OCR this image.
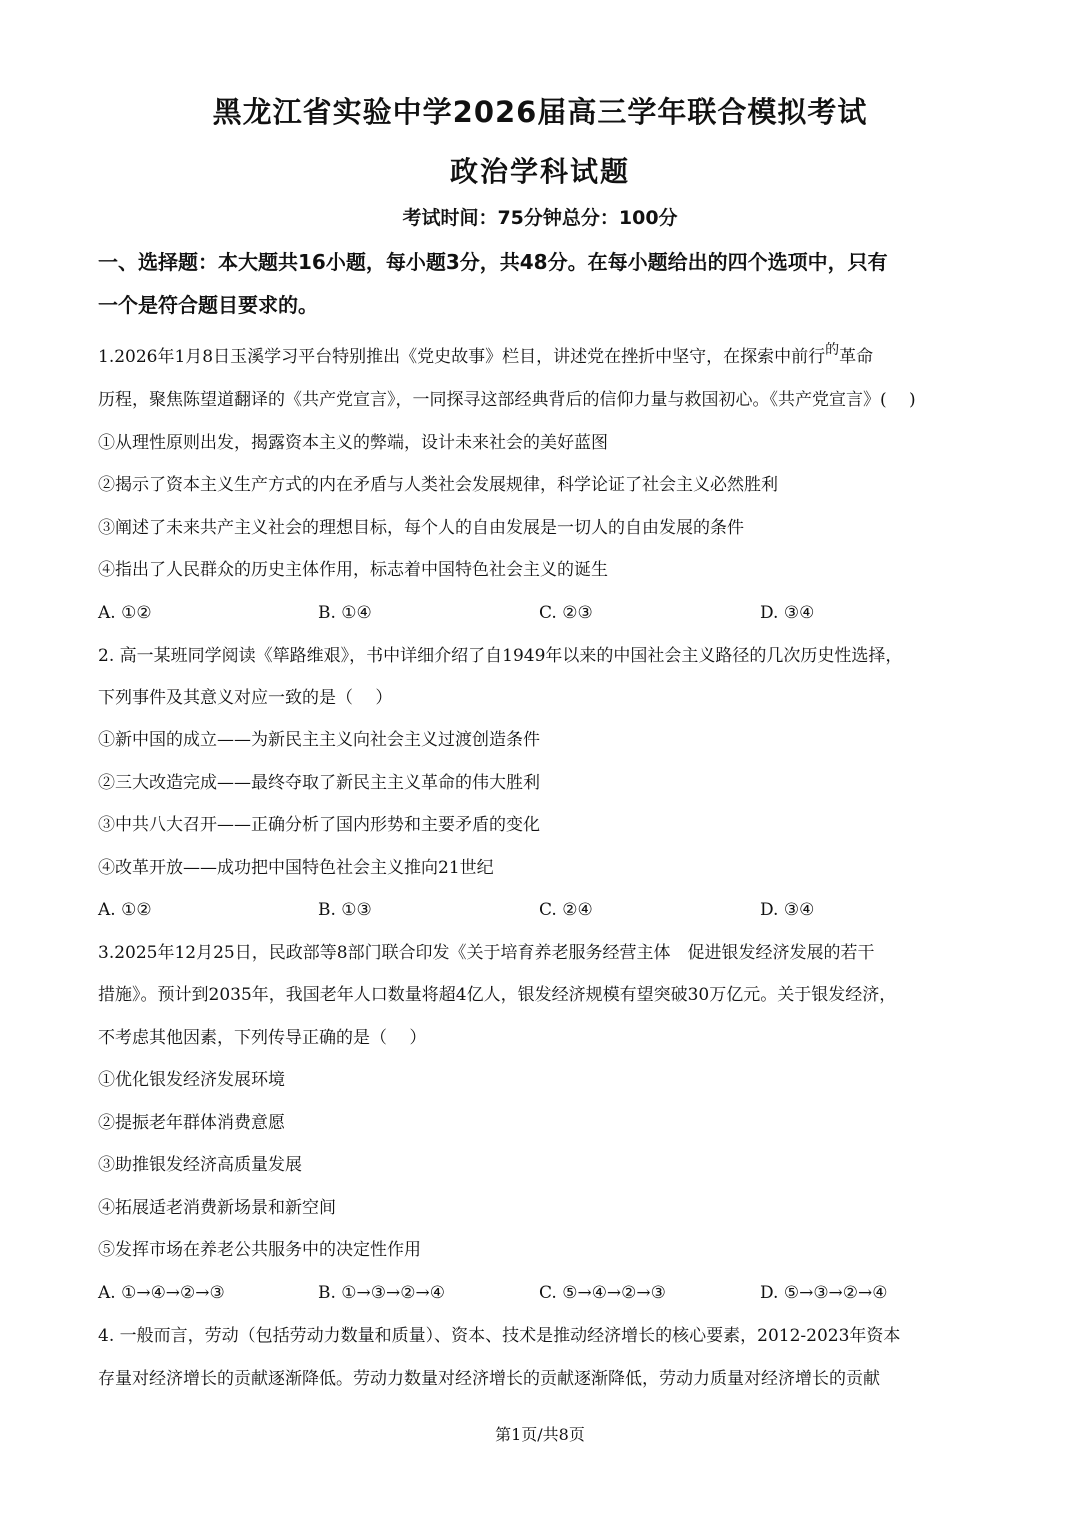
黑龙江省实验中学2026届高三学年联合模拟考试
政治学科试题
考试时间：75分钟总分：100分
一、选择题：本大题共16小题，每小题3分，共48分。在每小题给出的四个选项中，只有
一个是符合题目要求的。
1.2026年1月8日玉溪学习平台特别推出《党史故事》栏目，讲述党在挫折中坚守，在探索中前行$^的$革命
历程，聚焦陈望道翻译的《共产党宣言》，一同探寻这部经典背后的信仰力量与救国初心。《共产党宣言》(　 )
①从理性原则出发，揭露资本主义的弊端，设计未来社会的美好蓝图
②揭示了资本主义生产方式的内在矛盾与人类社会发展规律，科学论证了社会主义必然胜利
③阐述了未来共产主义社会的理想目标，每个人的自由发展是一切人的自由发展的条件
④指出了人民群众的历史主体作用，标志着中国特色社会主义的诞生
A. ①②	B. ①④	C. ②③	D. ③④
2. 高一某班同学阅读《筚路维艰》，书中详细介绍了自1949年以来的中国社会主义路径的几次历史性选择，
下列事件及其意义对应一致的是（　 ）
①新中国的成立——为新民主主义向社会主义过渡创造条件
②三大改造完成——最终夺取了新民主主义革命的伟大胜利
③中共八大召开——正确分析了国内形势和主要矛盾的变化
④改革开放——成功把中国特色社会主义推向21世纪
A. ①②	B. ①③	C. ②④	D. ③④
3.2025年12月25日，民政部等8部门联合印发《关于培育养老服务经营主体　促进银发经济发展的若干
措施》。预计到2035年，我国老年人口数量将超4亿人，银发经济规模有望突破30万亿元。关于银发经济，
不考虑其他因素，下列传导正确的是（　 ）
①优化银发经济发展环境
②提振老年群体消费意愿
③助推银发经济高质量发展
④拓展适老消费新场景和新空间
⑤发挥市场在养老公共服务中的决定性作用
A. ①→④→②→③	B. ①→③→②→④	C. ⑤→④→②→③	D. ⑤→③→②→④
4. 一般而言，劳动（包括劳动力数量和质量）、资本、技术是推动经济增长的核心要素，2012-2023年资本
存量对经济增长的贡献逐渐降低。劳动力数量对经济增长的贡献逐渐降低，劳动力质量对经济增长的贡献
第1页/共8页
